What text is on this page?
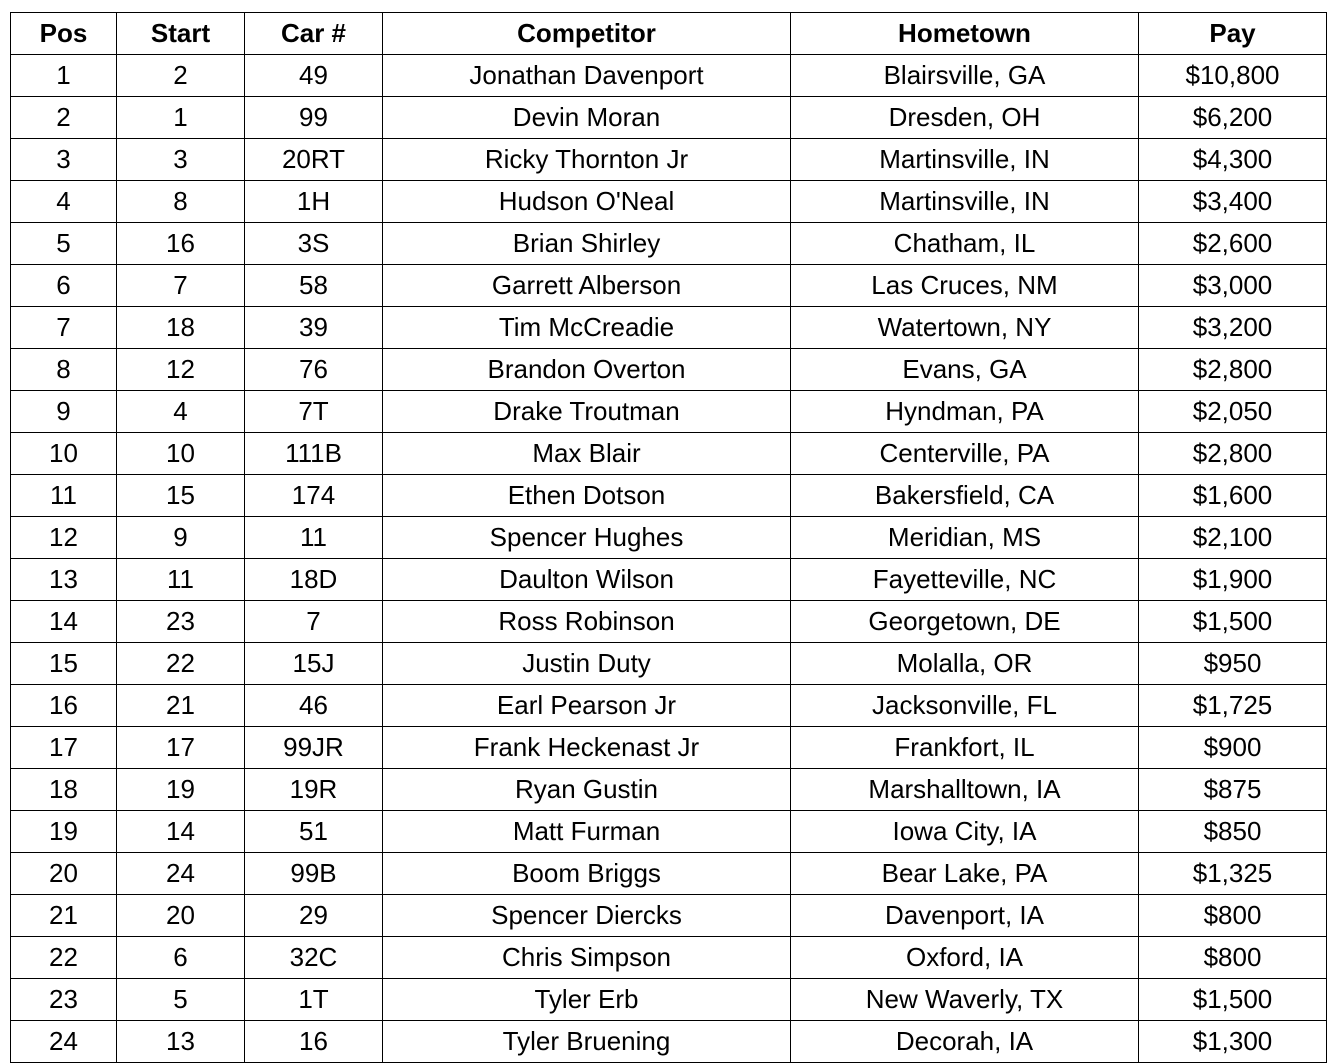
Pos	Start	Car #	Competitor	Hometown	Pay
1	2	49	Jonathan Davenport	Blairsville, GA	$10,800
2	1	99	Devin Moran	Dresden, OH	$6,200
3	3	20RT	Ricky Thornton Jr	Martinsville, IN	$4,300
4	8	1H	Hudson O'Neal	Martinsville, IN	$3,400
5	16	3S	Brian Shirley	Chatham, IL	$2,600
6	7	58	Garrett Alberson	Las Cruces, NM	$3,000
7	18	39	Tim McCreadie	Watertown, NY	$3,200
8	12	76	Brandon Overton	Evans, GA	$2,800
9	4	7T	Drake Troutman	Hyndman, PA	$2,050
10	10	111B	Max Blair	Centerville, PA	$2,800
11	15	174	Ethen Dotson	Bakersfield, CA	$1,600
12	9	11	Spencer Hughes	Meridian, MS	$2,100
13	11	18D	Daulton Wilson	Fayetteville, NC	$1,900
14	23	7	Ross Robinson	Georgetown, DE	$1,500
15	22	15J	Justin Duty	Molalla, OR	$950
16	21	46	Earl Pearson Jr	Jacksonville, FL	$1,725
17	17	99JR	Frank Heckenast Jr	Frankfort, IL	$900
18	19	19R	Ryan Gustin	Marshalltown, IA	$875
19	14	51	Matt Furman	Iowa City, IA	$850
20	24	99B	Boom Briggs	Bear Lake, PA	$1,325
21	20	29	Spencer Diercks	Davenport, IA	$800
22	6	32C	Chris Simpson	Oxford, IA	$800
23	5	1T	Tyler Erb	New Waverly, TX	$1,500
24	13	16	Tyler Bruening	Decorah, IA	$1,300
